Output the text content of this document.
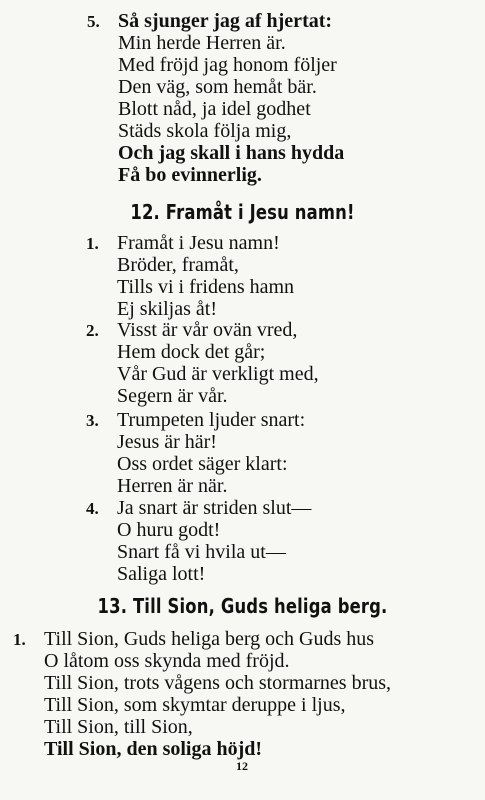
5. Så sjunger jag af hjertat:
Min herde Herren är.
Med fröjd jag honom följer
Den väg, som hemåt bär.
Blott nåd, ja idel godhet
Städs skola följa mig,
Och jag skall i hans hydda
Få bo evinnerlig.
12. Framåt i Jesu namn!
1. Framåt i Jesu namn!
Bröder, framåt,
Tills vi i fridens hamn
Ej skiljas åt!
2. Visst är vår ovän vred,
Hem dock det går;
Vår Gud är verkligt med,
Segern är vår.
3. Trumpeten ljuder snart:
Jesus är här!
Oss ordet säger klart:
Herren är när.
4. Ja snart är striden slut—
O huru godt!
Snart få vi hvila ut—
Saliga lott!
13. Till Sion, Guds heliga berg.
1. Till Sion, Guds heliga berg och Guds hus
O låtom oss skynda med fröjd.
Till Sion, trots vågens och stormarnes brus,
Till Sion, som skymtar deruppe i ljus,
Till Sion, till Sion,
Till Sion, den soliga höjd!
12
